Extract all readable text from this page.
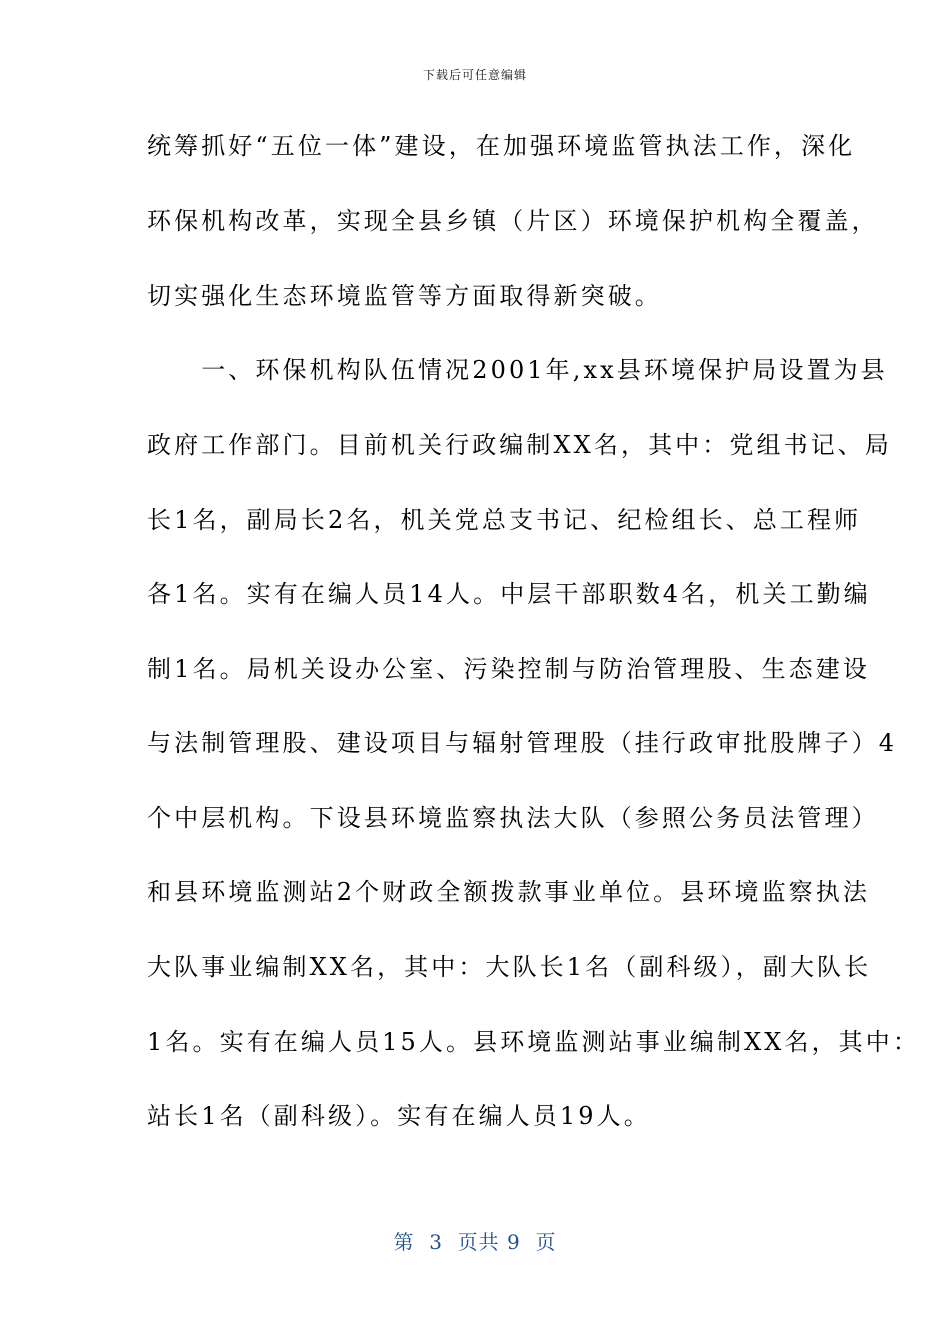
下载后可任意编辑
统筹抓好“五位一体”建设，在加强环境监管执法工作，深化
环保机构改革，实现全县乡镇（片区）环境保护机构全覆盖，
切实强化生态环境监管等方面取得新突破。
　　一、环保机构队伍情况2001年,xx县环境保护局设置为县
政府工作部门。目前机关行政编制XX名，其中：党组书记、局
长1名，副局长2名，机关党总支书记、纪检组长、总工程师
各1名。实有在编人员14人。中层干部职数4名，机关工勤编
制1名。局机关设办公室、污染控制与防治管理股、生态建设
与法制管理股、建设项目与辐射管理股（挂行政审批股牌子）4
个中层机构。下设县环境监察执法大队（参照公务员法管理）
和县环境监测站2个财政全额拨款事业单位。县环境监察执法
大队事业编制XX名，其中：大队长1名（副科级），副大队长
1名。实有在编人员15人。县环境监测站事业编制XX名，其中：
站长1名（副科级）。实有在编人员19人。
第  3  页共 9  页
